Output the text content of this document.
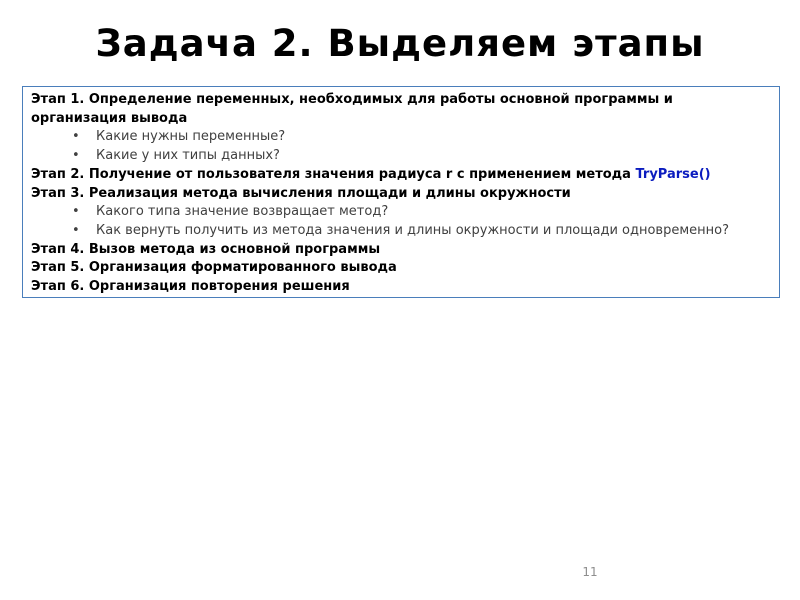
Задача 2. Выделяем этапы
Этап 1. Определение переменных, необходимых для работы основной программы и организация вывода
• Какие нужны переменные?
• Какие у них типы данных?
Этап 2. Получение от пользователя значения радиуса r с применением метода TryParse()
Этап 3. Реализация метода вычисления площади и длины окружности
• Какого типа значение возвращает метод?
• Как вернуть получить из метода значения и длины окружности и площади одновременно?
Этап 4. Вызов метода из основной программы
Этап 5. Организация форматированного вывода
Этап 6. Организация повторения решения
11
